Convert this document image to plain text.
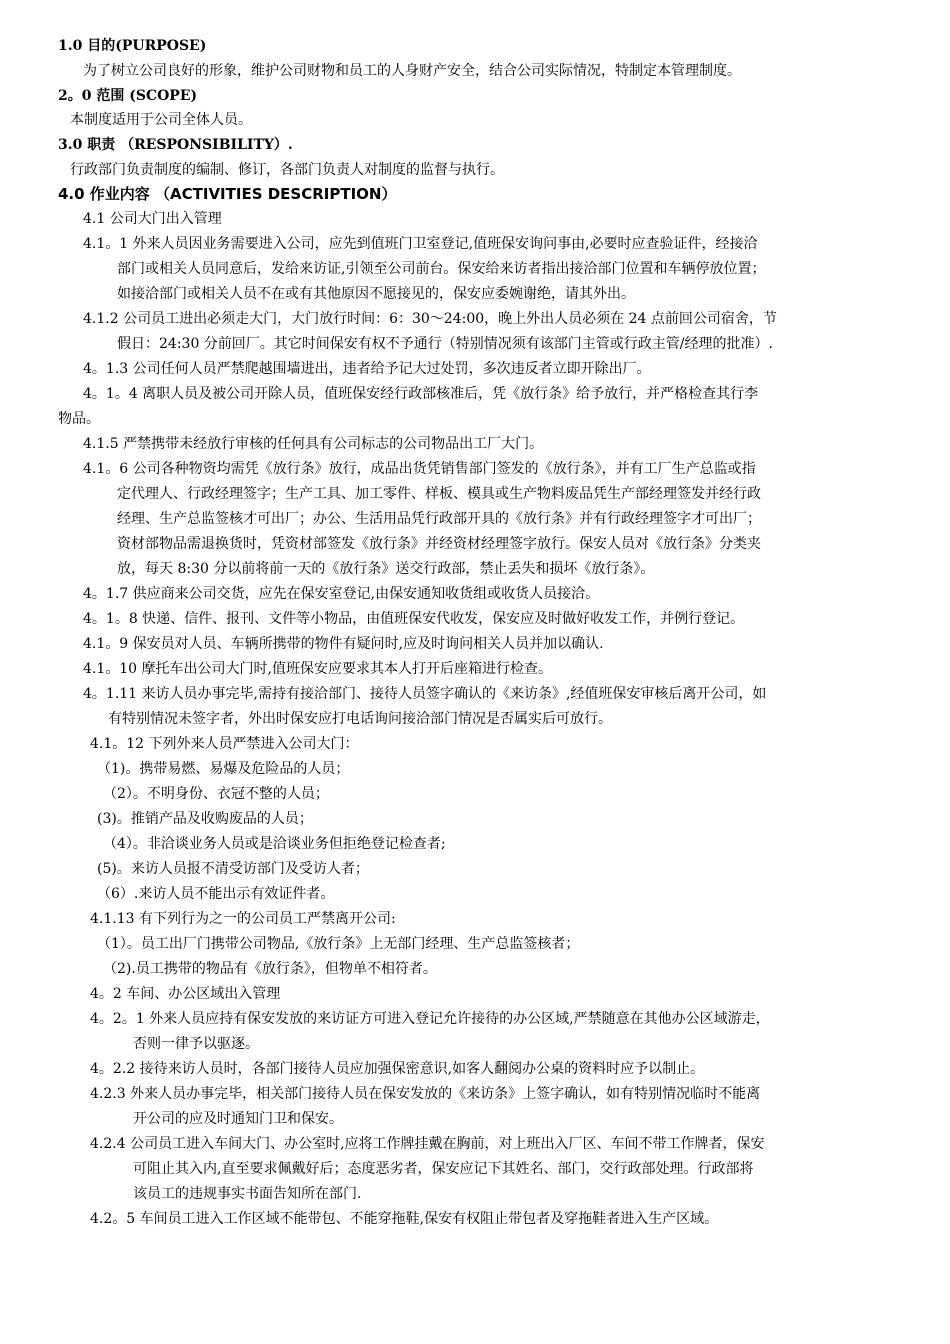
1.0 目的(PURPOSE)
为了树立公司良好的形象，维护公司财物和员工的人身财产安全，结合公司实际情况，特制定本管理制度。
2。0 范围 (SCOPE)
本制度适用于公司全体人员。
3.0 职责 （RESPONSIBILITY）.
行政部门负责制度的编制、修订，各部门负责人对制度的监督与执行。
4.0 作业内容 （ACTIVITIES DESCRIPTION）
4.1 公司大门出入管理
4.1。1 外来人员因业务需要进入公司，应先到值班门卫室登记,值班保安询问事由,必要时应查验证件，经接洽
部门或相关人员同意后，发给来访证,引领至公司前台。保安给来访者指出接洽部门位置和车辆停放位置；
如接洽部门或相关人员不在或有其他原因不愿接见的，保安应委婉谢绝，请其外出。
4.1.2 公司员工进出必须走大门，大门放行时间：6：30～24:00，晚上外出人员必须在 24 点前回公司宿舍，节
假日：24:30 分前回厂。其它时间保安有权不予通行（特别情况须有该部门主管或行政主管/经理的批准）.
4。1.3 公司任何人员严禁爬越围墙进出，违者给予记大过处罚，多次违反者立即开除出厂。
4。1。4 离职人员及被公司开除人员，值班保安经行政部核准后，凭《放行条》给予放行，并严格检查其行李
物品。
4.1.5 严禁携带未经放行审核的任何具有公司标志的公司物品出工厂大门。
4.1。6 公司各种物资均需凭《放行条》放行，成品出货凭销售部门签发的《放行条》，并有工厂生产总监或指
定代理人、行政经理签字；生产工具、加工零件、样板、模具或生产物料废品凭生产部经理签发并经行政
经理、生产总监签核才可出厂；办公、生活用品凭行政部开具的《放行条》并有行政经理签字才可出厂；
资材部物品需退换货时，凭资材部签发《放行条》并经资材经理签字放行。保安人员对《放行条》分类夹
放，每天 8:30 分以前将前一天的《放行条》送交行政部，禁止丢失和损坏《放行条》。
4。1.7 供应商来公司交货，应先在保安室登记,由保安通知收货组或收货人员接洽。
4。1。8 快递、信件、报刊、文件等小物品，由值班保安代收发，保安应及时做好收发工作，并例行登记。
4.1。9 保安员对人员、车辆所携带的物件有疑问时,应及时询问相关人员并加以确认.
4.1。10 摩托车出公司大门时,值班保安应要求其本人打开后座箱进行检查。
4。1.11 来访人员办事完毕,需持有接洽部门、接待人员签字确认的《来访条》,经值班保安审核后离开公司，如
有特别情况未签字者，外出时保安应打电话询问接洽部门情况是否属实后可放行。
4.1。12 下列外来人员严禁进入公司大门：
（1)。携带易燃、易爆及危险品的人员；
（2）。不明身份、衣冠不整的人员；
(3)。推销产品及收购废品的人员；
（4）。非洽谈业务人员或是洽谈业务但拒绝登记检查者;
(5)。来访人员报不清受访部门及受访人者；
（6）.来访人员不能出示有效证件者。
4.1.13 有下列行为之一的公司员工严禁离开公司:
（1）。员工出厂门携带公司物品,《放行条》上无部门经理、生产总监签核者；
（2).员工携带的物品有《放行条》，但物单不相符者。
4。2 车间、办公区域出入管理
4。2。1 外来人员应持有保安发放的来访证方可进入登记允许接待的办公区域,严禁随意在其他办公区域游走，
否则一律予以驱逐。
4。2.2 接待来访人员时，各部门接待人员应加强保密意识,如客人翻阅办公桌的资料时应予以制止。
4.2.3 外来人员办事完毕，相关部门接待人员在保安发放的《来访条》上签字确认，如有特别情况临时不能离
开公司的应及时通知门卫和保安。
4.2.4 公司员工进入车间大门、办公室时,应将工作牌挂戴在胸前，对上班出入厂区、车间不带工作牌者，保安
可阻止其入内,直至要求佩戴好后；态度恶劣者，保安应记下其姓名、部门，交行政部处理。行政部将
该员工的违规事实书面告知所在部门.
4.2。5 车间员工进入工作区域不能带包、不能穿拖鞋,保安有权阻止带包者及穿拖鞋者进入生产区域。
